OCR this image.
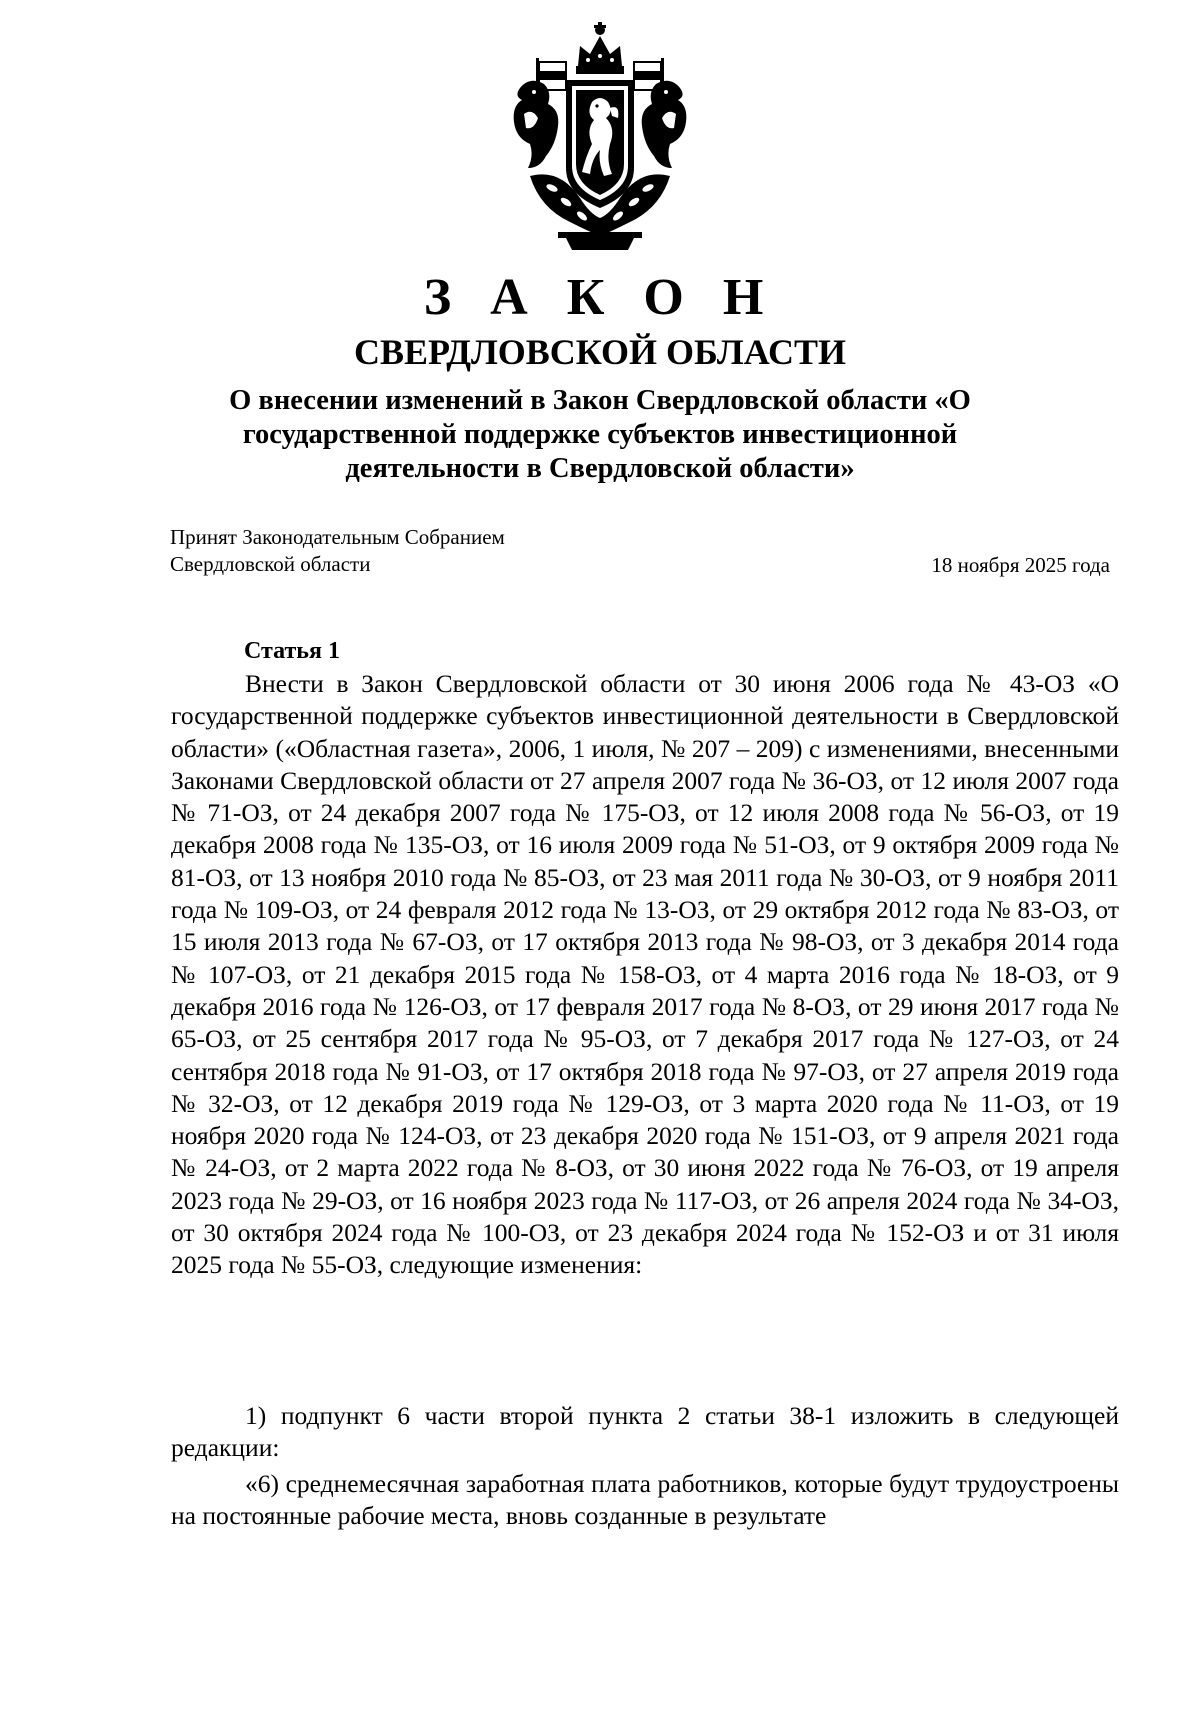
З А К О Н
СВЕРДЛОВСКОЙ ОБЛАСТИ
О внесении изменений в Закон Свердловской области «О государственной поддержке субъектов инвестиционной деятельности в Свердловской области»
Принят Законодательным Собранием
Свердловской области	18 ноября 2025 года
Статья 1

Внести в Закон Свердловской области от 30 июня 2006 года № 43-ОЗ «О государственной поддержке субъектов инвестиционной деятельности в Свердловской области» («Областная газета», 2006, 1 июля, № 207 – 209) с изменениями, внесенными Законами Свердловской области от 27 апреля 2007 года № 36-ОЗ, от 12 июля 2007 года № 71-ОЗ, от 24 декабря 2007 года № 175-ОЗ, от 12 июля 2008 года № 56-ОЗ, от 19 декабря 2008 года № 135-ОЗ, от 16 июля 2009 года № 51-ОЗ, от 9 октября 2009 года № 81-ОЗ, от 13 ноября 2010 года № 85-ОЗ, от 23 мая 2011 года № 30-ОЗ, от 9 ноября 2011 года № 109-ОЗ, от 24 февраля 2012 года № 13-ОЗ, от 29 октября 2012 года № 83-ОЗ, от 15 июля 2013 года № 67-ОЗ, от 17 октября 2013 года № 98-ОЗ, от 3 декабря 2014 года № 107-ОЗ, от 21 декабря 2015 года № 158-ОЗ, от 4 марта 2016 года № 18-ОЗ, от 9 декабря 2016 года № 126-ОЗ, от 17 февраля 2017 года № 8-ОЗ, от 29 июня 2017 года № 65-ОЗ, от 25 сентября 2017 года № 95-ОЗ, от 7 декабря 2017 года № 127-ОЗ, от 24 сентября 2018 года № 91-ОЗ, от 17 октября 2018 года № 97-ОЗ, от 27 апреля 2019 года № 32-ОЗ, от 12 декабря 2019 года № 129-ОЗ, от 3 марта 2020 года № 11-ОЗ, от 19 ноября 2020 года № 124-ОЗ, от 23 декабря 2020 года № 151-ОЗ, от 9 апреля 2021 года № 24-ОЗ, от 2 марта 2022 года № 8-ОЗ, от 30 июня 2022 года № 76-ОЗ, от 19 апреля 2023 года № 29-ОЗ, от 16 ноября 2023 года № 117-ОЗ, от 26 апреля 2024 года № 34-ОЗ, от 30 октября 2024 года № 100-ОЗ, от 23 декабря 2024 года № 152-ОЗ и от 31 июля 2025 года № 55-ОЗ, следующие изменения:

1) подпункт 6 части второй пункта 2 статьи 38-1 изложить в следующей редакции:

«6) среднемесячная заработная плата работников, которые будут трудоустроены на постоянные рабочие места, вновь созданные в результате
